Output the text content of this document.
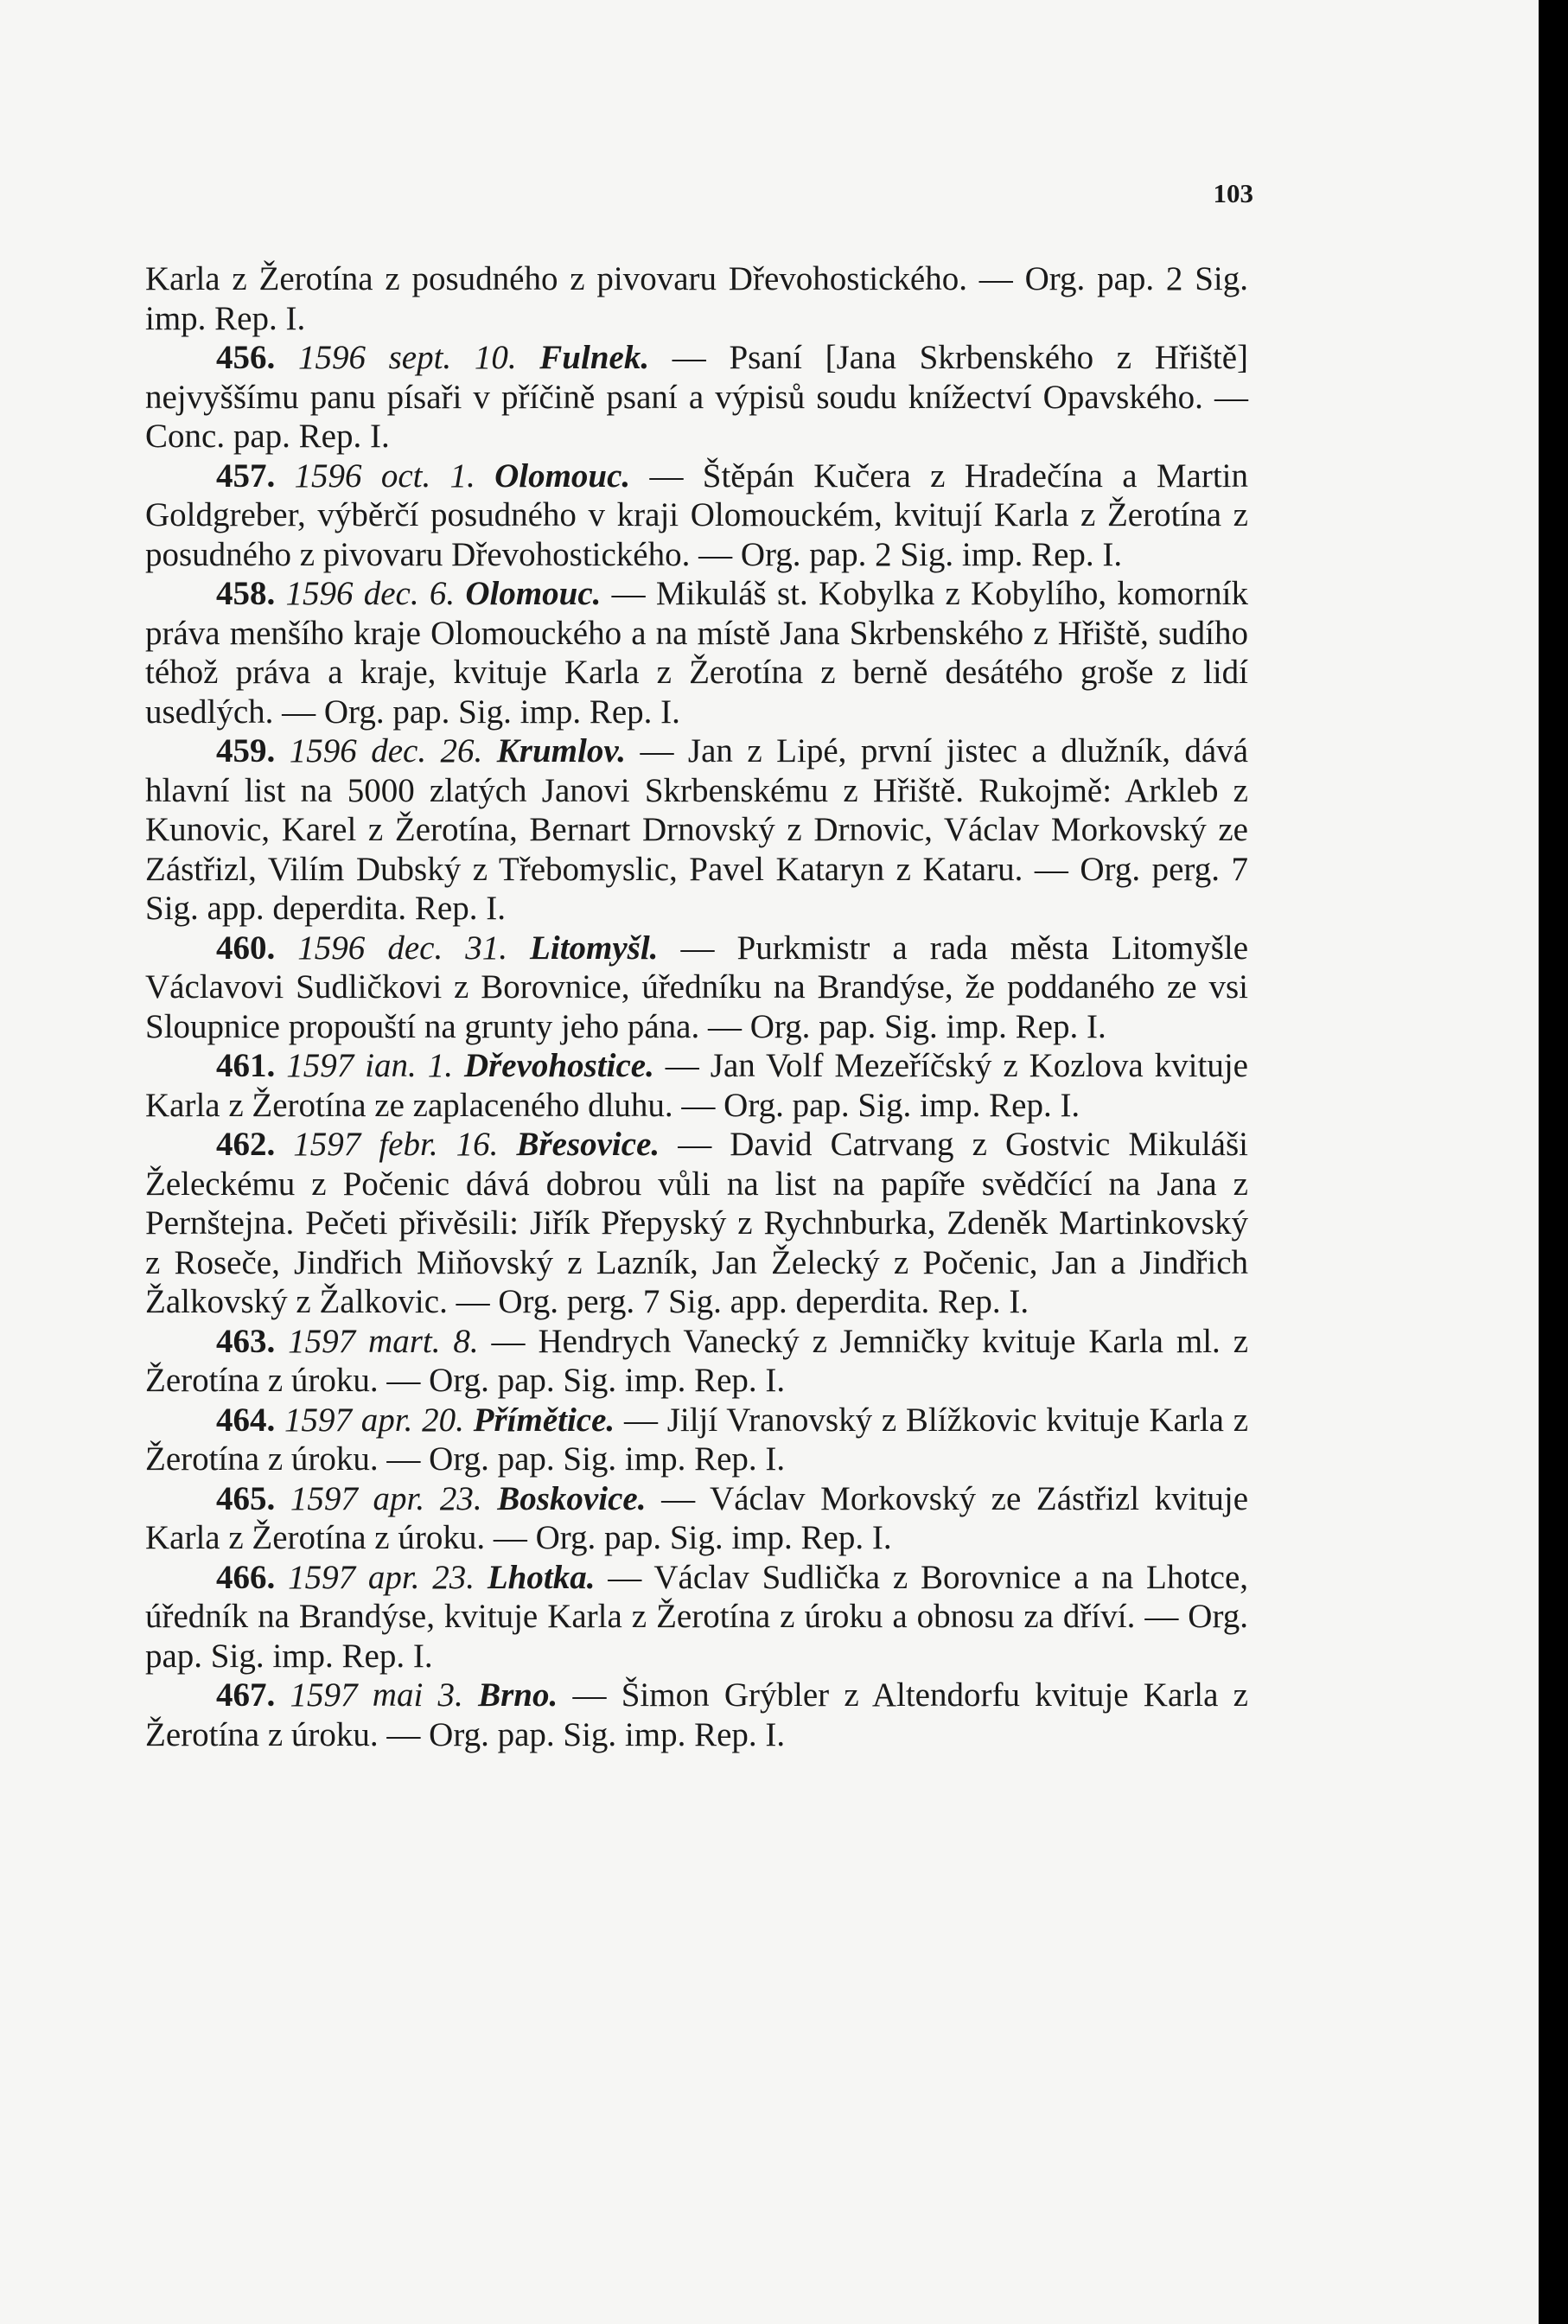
103

Karla z Žerotína z posudného z pivovaru Dřevohostického. — Org. pap. 2 Sig. imp. Rep. I.

456. 1596 sept. 10. Fulnek. — Psaní [Jana Skrbenského z Hřiště] nejvyššímu panu písaři v příčině psaní a výpisů soudu knížectví Opavského. — Conc. pap. Rep. I.

457. 1596 oct. 1. Olomouc. — Štěpán Kučera z Hradečína a Martin Goldgreber, výběrčí posudného v kraji Olomouckém, kvitují Karla z Žerotína z posudného z pivovaru Dřevohostického. — Org. pap. 2 Sig. imp. Rep. I.

458. 1596 dec. 6. Olomouc. — Mikuláš st. Kobylka z Kobylího, komorník práva menšího kraje Olomouckého a na místě Jana Skrbenského z Hřiště, sudího téhož práva a kraje, kvituje Karla z Žerotína z berně desátého groše z lidí usedlých. — Org. pap. Sig. imp. Rep. I.

459. 1596 dec. 26. Krumlov. — Jan z Lipé, první jistec a dlužník, dává hlavní list na 5000 zlatých Janovi Skrbenskému z Hřiště. Rukojmě: Arkleb z Kunovic, Karel z Žerotína, Bernart Drnovský z Drnovic, Václav Morkovský ze Zástřizl, Vilím Dubský z Třebomyslic, Pavel Kataryn z Kataru. — Org. perg. 7 Sig. app. deperdita. Rep. I.

460. 1596 dec. 31. Litomyšl. — Purkmistr a rada města Litomyšle Václavovi Sudličkovi z Borovnice, úředníku na Brandýse, že poddaného ze vsi Sloupnice propouští na grunty jeho pána. — Org. pap. Sig. imp. Rep. I.

461. 1597 ian. 1. Dřevohostice. — Jan Volf Mezeříčský z Kozlova kvituje Karla z Žerotína ze zaplaceného dluhu. — Org. pap. Sig. imp. Rep. I.

462. 1597 febr. 16. Břesovice. — David Catrvang z Gostvic Mikuláši Želeckému z Počenic dává dobrou vůli na list na papíře svědčící na Jana z Pernštejna. Pečeti přivěsili: Jiřík Přepyský z Rychnburka, Zdeněk Martinkovský z Roseče, Jindřich Miňovský z Lazník, Jan Želecký z Počenic, Jan a Jindřich Žalkovský z Žalkovic. — Org. perg. 7 Sig. app. deperdita. Rep. I.

463. 1597 mart. 8. — Hendrych Vanecký z Jemničky kvituje Karla ml. z Žerotína z úroku. — Org. pap. Sig. imp. Rep. I.

464. 1597 apr. 20. Přímětice. — Jiljí Vranovský z Blížkovic kvituje Karla z Žerotína z úroku. — Org. pap. Sig. imp. Rep. I.

465. 1597 apr. 23. Boskovice. — Václav Morkovský ze Zástřizl kvituje Karla z Žerotína z úroku. — Org. pap. Sig. imp. Rep. I.

466. 1597 apr. 23. Lhotka. — Václav Sudlička z Borovnice a na Lhotce, úředník na Brandýse, kvituje Karla z Žerotína z úroku a obnosu za dříví. — Org. pap. Sig. imp. Rep. I.

467. 1597 mai 3. Brno. — Šimon Grýbler z Altendorfu kvituje Karla z Žerotína z úroku. — Org. pap. Sig. imp. Rep. I.
